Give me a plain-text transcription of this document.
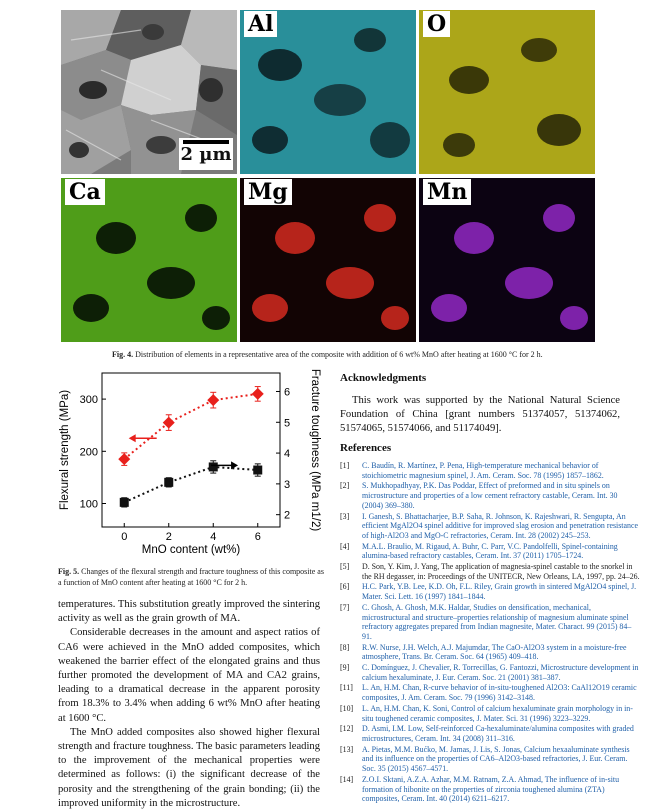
2 µm
Al	O
Ca	Mg	Mn
Fig. 4. Distribution of elements in a representative area of the composite with addition of 6 wt% MnO after heating at 1600 °C for 2 h.
0	2	4	6
100
200
300
2
3
4
5
6
MnO content (wt%)
Flexural strength (MPa)	Fracture toughness (MPa m1/2)
Fig. 5. Changes of the flexural strength and fracture toughness of this composite as a function of MnO content after heating at 1600 °C for 2 h.

temperatures. This substitution greatly improved the sintering activity as well as the grain growth of MA.

Considerable decreases in the amount and aspect ratios of CA6 were achieved in the MnO added composites, which weakened the barrier effect of the elongated grains and thus further promoted the development of MA and CA2 grains, leading to a dramatical decrease in the apparent porosity from 18.3% to 3.4% when adding 6 wt% MnO after heating at 1600 °C.

The MnO added composites also showed higher flexural strength and fracture toughness. The basic parameters leading to the improvement of the mechanical properties were determined as follows: (i) the significant decrease of the porosity and the strengthening of the grain bonding; (ii) the improved uniformity in the microstructure.

Acknowledgments
This work was supported by the National Natural Science Foundation of China [grant numbers 51374057, 51374062, 51574065, 51574066, and 51174049].
References
[1] C. Baudín, R. Martínez, P. Pena, High-temperature mechanical behavior of stoichiometric magnesium spinel, J. Am. Ceram. Soc. 78 (1995) 1857–1862.
[2] S. Mukhopadhyay, P.K. Das Poddar, Effect of preformed and in situ spinels on microstructure and properties of a low cement refractory castable, Ceram. Int. 30 (2004) 369–380.
[3] I. Ganesh, S. Bhattacharjee, B.P. Saha, R. Johnson, K. Rajeshwari, R. Sengupta, An efficient MgAl2O4 spinel additive for improved slag erosion and penetration resistance of high-Al2O3 and MgO-C refractories, Ceram. Int. 28 (2002) 245–253.
[4] M.A.L. Braulio, M. Rigaud, A. Buhr, C. Parr, V.C. Pandolfelli, Spinel-containing alumina-based refractory castables, Ceram. Int. 37 (2011) 1705–1724.
[5] D. Son, Y. Kim, J. Yang, The application of magnesia-spinel castable to the snorkel in the RH degasser, in: Proceedings of the UNITECR, New Orleans, LA, 1997, pp. 24–26.
[6] H.C. Park, Y.B. Lee, K.D. Oh, F.L. Riley, Grain growth in sintered MgAl2O4 spinel, J. Mater. Sci. Lett. 16 (1997) 1841–1844.
[7] C. Ghosh, A. Ghosh, M.K. Haldar, Studies on densification, mechanical, microstructural and structure–properties relationship of magnesium aluminate spinel refractory aggregates prepared from Indian magnesite, Mater. Charact. 99 (2015) 84–91.
[8] R.W. Nurse, J.H. Welch, A.J. Majumdar, The CaO-Al2O3 system in a moisture-free atmosphere, Trans. Br. Ceram. Soc. 64 (1965) 409–418.
[9] C. Domínguez, J. Chevalier, R. Torrecillas, G. Fantozzi, Microstructure development in calcium hexaluminate, J. Eur. Ceram. Soc. 21 (2001) 381–387.
[11] L. An, H.M. Chan, R-curve behavior of in-situ-toughened Al2O3: CaAl12O19 ceramic composites, J. Am. Ceram. Soc. 79 (1996) 3142–3148.
[10] L. An, H.M. Chan, K. Soni, Control of calcium hexaluminate grain morphology in in-situ toughened ceramic composites, J. Mater. Sci. 31 (1996) 3223–3229.
[12] D. Asmi, I.M. Low, Self-reinforced Ca-hexaluminate/alumina composites with graded microstructures, Ceram. Int. 34 (2008) 311–316.
[13] A. Pietas, M.M. Bućko, M. Jamas, J. Lis, S. Jonas, Calcium hexaaluminate synthesis and its influence on the properties of CA6–Al2O3-based refractories, J. Eur. Ceram. Soc. 35 (2015) 4567–4571.
[14] Z.O.I. Sktani, A.Z.A. Azhar, M.M. Ratnam, Z.A. Ahmad, The influence of in-situ formation of hibonite on the properties of zirconia toughened alumina (ZTA) composites, Ceram. Int. 40 (2014) 6211–6217.
